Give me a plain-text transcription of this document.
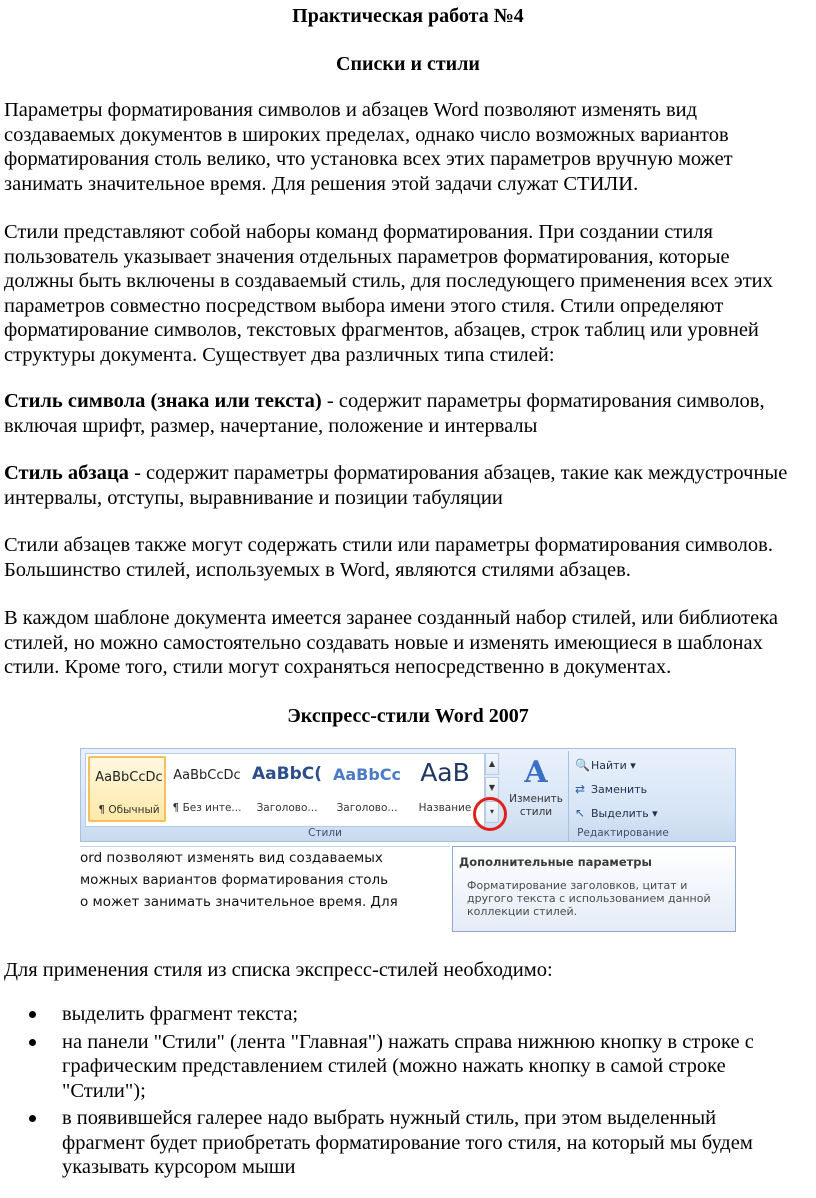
Практическая работа №4
Списки и стили
Параметры форматирования символов и абзацев Word позволяют изменять вид создаваемых документов в широких пределах, однако число возможных вариантов форматирования столь велико, что установка всех этих параметров вручную может занимать значительное время. Для решения этой задачи служат СТИЛИ.
Стили представляют собой наборы команд форматирования. При создании стиля пользователь указывает значения отдельных параметров форматирования, которые должны быть включены в создаваемый стиль, для последующего применения всех этих параметров совместно посредством выбора имени этого стиля. Стили определяют форматирование символов, текстовых фрагментов, абзацев, строк таблиц или уровней структуры документа. Существует два различных типа стилей:
Стиль символа (знака или текста) - содержит параметры форматирования символов, включая шрифт, размер, начертание, положение и интервалы
Стиль абзаца - содержит параметры форматирования абзацев, такие как междустрочные интервалы, отступы, выравнивание и позиции табуляции
Стили абзацев также могут содержать стили или параметры форматирования символов. Большинство стилей, используемых в Word, являются стилями абзацев.
В каждом шаблоне документа имеется заранее созданный набор стилей, или библиотека стилей, но можно самостоятельно создавать новые и изменять имеющиеся в шаблонах стили. Кроме того, стили могут сохраняться непосредственно в документах.
Экспресс-стили Word 2007
AaBbCcDc
¶ Обычный
AaBbCcDc
¶ Без инте...
AaBbC(
Заголово...
AaBbCc
Заголово...
AaB
Название
▲
▼
▾
A
Изменить стили
Стили
🔍Найти ▾
⇄ Заменить
↖ Выделить ▾
Редактирование
ord позволяют изменять вид создаваемых
можных вариантов форматирования столь
о может занимать значительное время. Для
Дополнительные параметры
Форматирование заголовков, цитат и другого текста с использованием данной коллекции стилей.
Для применения стиля из списка экспресс-стилей необходимо:
выделить фрагмент текста;
на панели "Стили" (лента "Главная") нажать справа нижнюю кнопку в строке с графическим представлением стилей (можно нажать кнопку в самой строке "Стили");
в появившейся галерее надо выбрать нужный стиль, при этом выделенный фрагмент будет приобретать форматирование того стиля, на который мы будем указывать курсором мыши
